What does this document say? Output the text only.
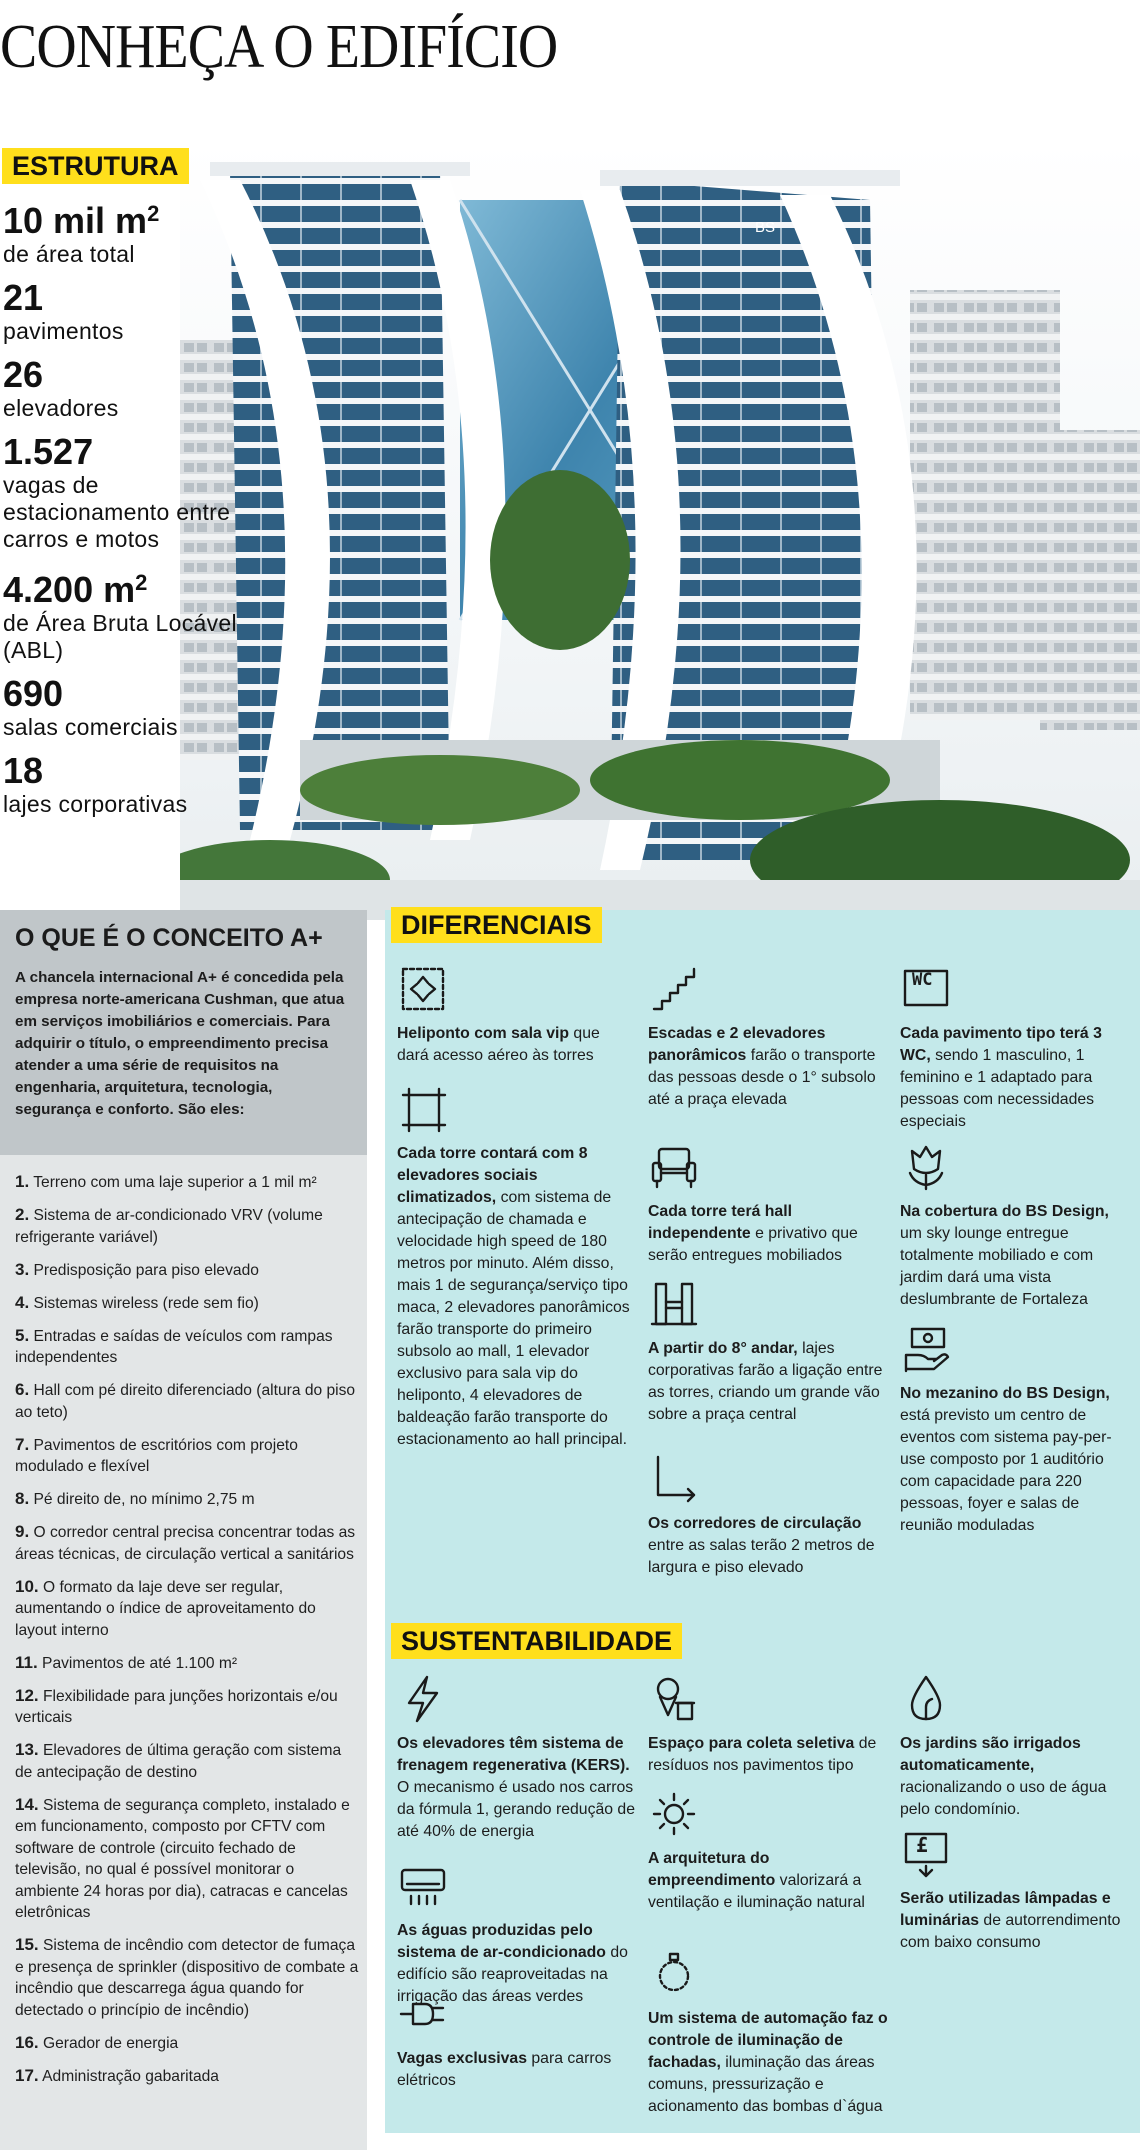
CONHEÇA O EDIFÍCIO
BS
ESTRUTURA
10 mil $m^2$
de área total
21
pavimentos
26
elevadores
1.527
vagas de estacionamento entre carros e motos
4.200 $m^2$
de Área Bruta Locável (ABL)
690
salas comerciais
18
lajes corporativas
O QUE É O CONCEITO A+
A chancela internacional A+ é concedida pela empresa norte-americana Cushman, que atua em serviços imobiliários e comerciais. Para adquirir o título, o empreendimento precisa atender a uma série de requisitos na engenharia, arquitetura, tecnologia, segurança e conforto. São eles:
1. Terreno com uma laje superior a 1 mil m²
2. Sistema de ar-condicionado VRV (volume refrigerante variável)
3. Predisposição para piso elevado
4. Sistemas wireless (rede sem fio)
5. Entradas e saídas de veículos com rampas independentes
6. Hall com pé direito diferenciado (altura do piso ao teto)
7. Pavimentos de escritórios com projeto modulado e flexível
8. Pé direito de, no mínimo 2,75 m
9. O corredor central precisa concentrar todas as áreas técnicas, de circulação vertical a sanitários
10. O formato da laje deve ser regular, aumentando o índice de aproveitamento do layout interno
11. Pavimentos de até 1.100 m²
12. Flexibilidade para junções horizontais e/ou verticais
13. Elevadores de última geração com sistema de antecipação de destino
14. Sistema de segurança completo, instalado e em funcionamento, composto por CFTV com software de controle (circuito fechado de televisão, no qual é possível monitorar o ambiente 24 horas por dia), catracas e cancelas eletrônicas
15. Sistema de incêndio com detector de fumaça e presença de sprinkler (dispositivo de combate a incêndio que descarrega água quando for detectado o princípio de incêndio)
16. Gerador de energia
17. Administração gabaritada
DIFERENCIAIS
Heliponto com sala vip que dará acesso aéreo às torres
Cada torre contará com 8 elevadores sociais climatizados, com sistema de antecipação de chamada e velocidade high speed de 180 metros por minuto. Além disso, mais 1 de segurança/serviço tipo maca, 2 elevadores panorâmicos farão transporte do primeiro subsolo ao mall, 1 elevador exclusivo para sala vip do heliponto, 4 elevadores de baldeação farão transporte do estacionamento ao hall principal.
Escadas e 2 elevadores panorâmicos farão o transporte das pessoas desde o 1° subsolo até a praça elevada
Cada torre terá hall independente e privativo que serão entregues mobiliados
A partir do 8° andar, lajes corporativas farão a ligação entre as torres, criando um grande vão sobre a praça central
Os corredores de circulação entre as salas terão 2 metros de largura e piso elevado
WC
Cada pavimento tipo terá 3 WC, sendo 1 masculino, 1 feminino e 1 adaptado para pessoas com necessidades especiais
Na cobertura do BS Design, um sky lounge entregue totalmente mobiliado e com jardim dará uma vista deslumbrante de Fortaleza
No mezanino do BS Design, está previsto um centro de eventos com sistema pay-per-use composto por 1 auditório com capacidade para 220 pessoas, foyer e salas de reunião moduladas
SUSTENTABILIDADE
Os elevadores têm sistema de frenagem regenerativa (KERS). O mecanismo é usado nos carros da fórmula 1, gerando redução de até 40% de energia
As águas produzidas pelo sistema de ar-condicionado do edifício são reaproveitadas na irrigação das áreas verdes
Vagas exclusivas para carros elétricos
Espaço para coleta seletiva de resíduos nos pavimentos tipo
A arquitetura do empreendimento valorizará a ventilação e iluminação natural
Um sistema de automação faz o controle de iluminação de fachadas, iluminação das áreas comuns, pressurização e acionamento das bombas d`água
Os jardins são irrigados automaticamente, racionalizando o uso de água pelo condomínio.
£
Serão utilizadas lâmpadas e luminárias de autorrendimento com baixo consumo
